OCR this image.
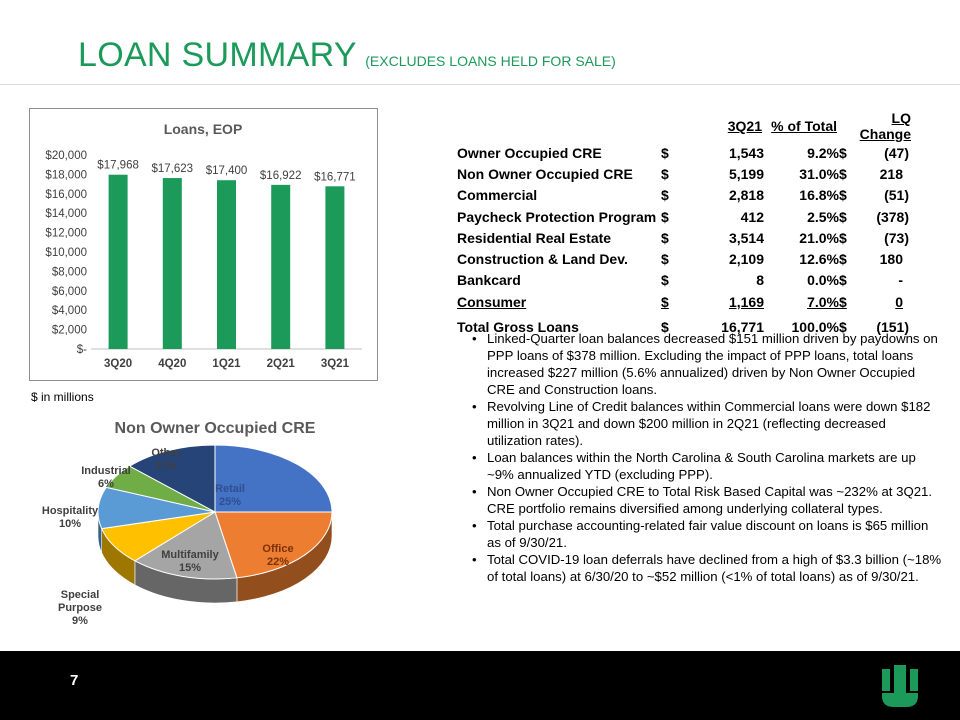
LOAN SUMMARY (EXCLUDES LOANS HELD FOR SALE)
Loans, EOP
$-
$2,000
$4,000
$6,000
$8,000
$10,000
$12,000
$14,000
$16,000
$18,000
$20,000
$17,968
3Q20
$17,623
4Q20
$17,400
1Q21
$16,922
2Q21
$16,771
3Q21
$ in millions
Non Owner Occupied CRE
Retail 25%
Office 22%
Multifamily 15%
Special Purpose 9%
Hospitality 10%
Industrial 6%
Other 13%
	3Q21		% of Total	LQ Change		
Owner Occupied CRE	$	1,543	9.2%	$	(47)	
Non Owner Occupied CRE	$	5,199	31.0%	$	218	
Commercial	$	2,818	16.8%	$	(51)	
Paycheck Protection Program	$	412	2.5%	$	(378)	
Residential Real Estate	$	3,514	21.0%	$	(73)	
Construction & Land Dev.	$	2,109	12.6%	$	180	
Bankcard	$	8	0.0%	$	-	
Consumer	$	1,169	7.0%	$	0	
Total Gross Loans	$	16,771	100.0%	$	(151)	
• Linked-Quarter loan balances decreased $151 million driven by paydowns on PPP loans of $378 million. Excluding the impact of PPP loans, total loans increased $227 million (5.6% annualized) driven by Non Owner Occupied CRE and Construction loans.
• Revolving Line of Credit balances within Commercial loans were down $182 million in 3Q21 and down $200 million in 2Q21 (reflecting decreased utilization rates).
• Loan balances within the North Carolina & South Carolina markets are up ~9% annualized YTD (excluding PPP).
• Non Owner Occupied CRE to Total Risk Based Capital was ~232% at 3Q21. CRE portfolio remains diversified among underlying collateral types.
• Total purchase accounting-related fair value discount on loans is $65 million as of 9/30/21.
• Total COVID-19 loan deferrals have declined from a high of $3.3 billion (~18% of total loans) at 6/30/20 to ~$52 million (<1% of total loans) as of 9/30/21.
7
